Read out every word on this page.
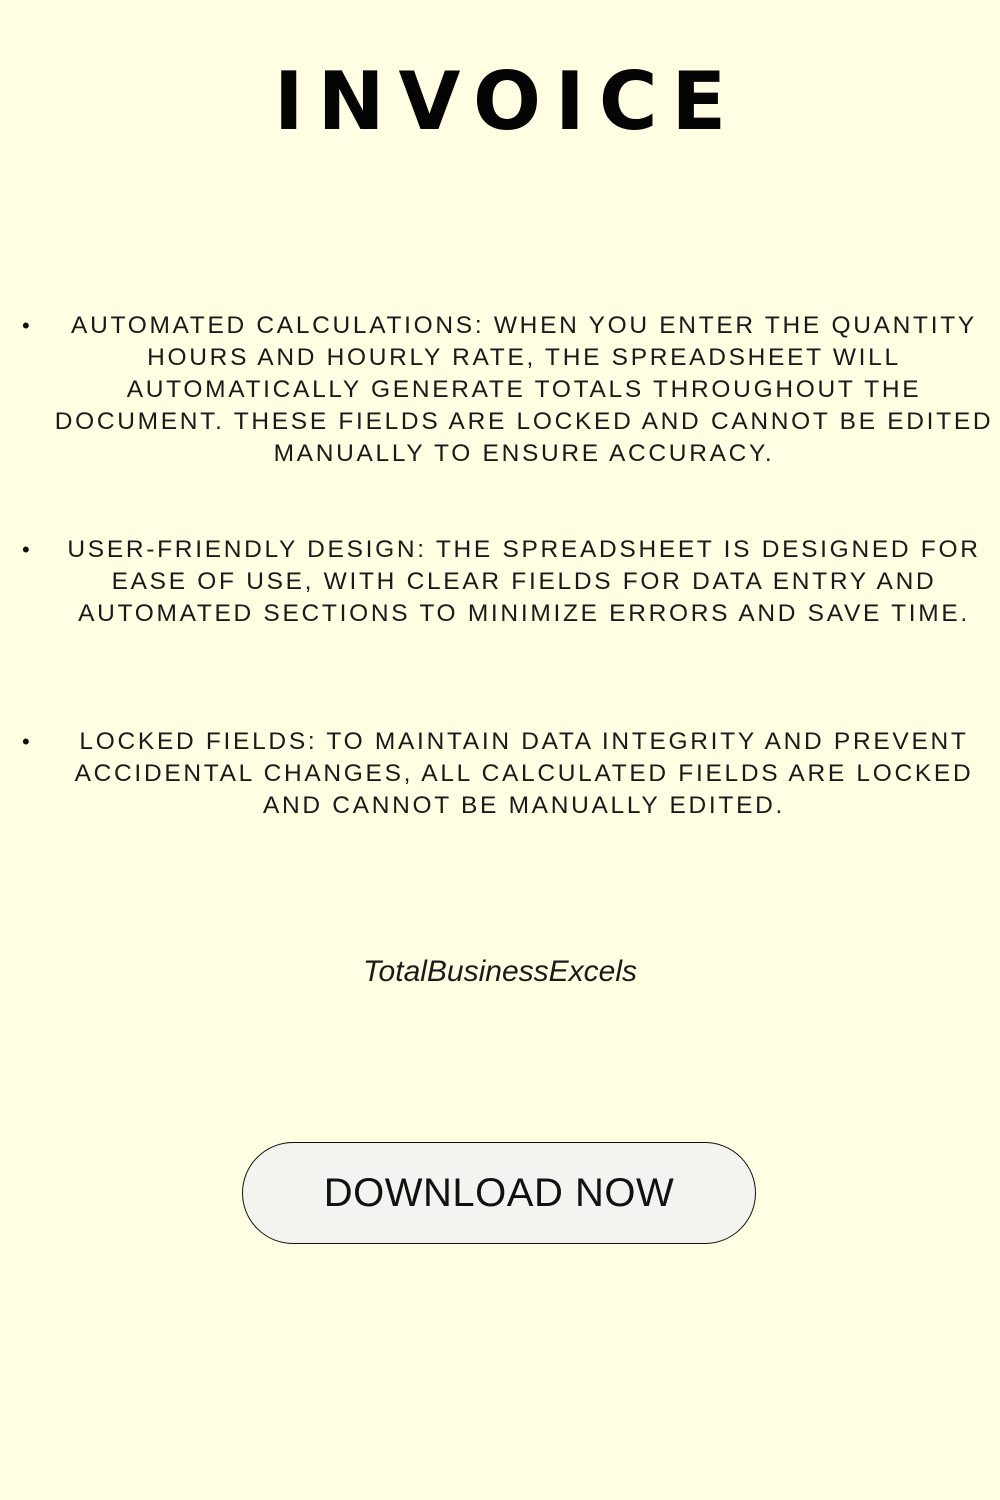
INVOICE
• AUTOMATED CALCULATIONS: WHEN YOU ENTER THE QUANTITY HOURS AND HOURLY RATE, THE SPREADSHEET WILL AUTOMATICALLY GENERATE TOTALS THROUGHOUT THE DOCUMENT. THESE FIELDS ARE LOCKED AND CANNOT BE EDITED MANUALLY TO ENSURE ACCURACY.
• USER-FRIENDLY DESIGN: THE SPREADSHEET IS DESIGNED FOR EASE OF USE, WITH CLEAR FIELDS FOR DATA ENTRY AND AUTOMATED SECTIONS TO MINIMIZE ERRORS AND SAVE TIME.
• LOCKED FIELDS: TO MAINTAIN DATA INTEGRITY AND PREVENT ACCIDENTAL CHANGES, ALL CALCULATED FIELDS ARE LOCKED AND CANNOT BE MANUALLY EDITED.
TotalBusinessExcels
DOWNLOAD NOW
